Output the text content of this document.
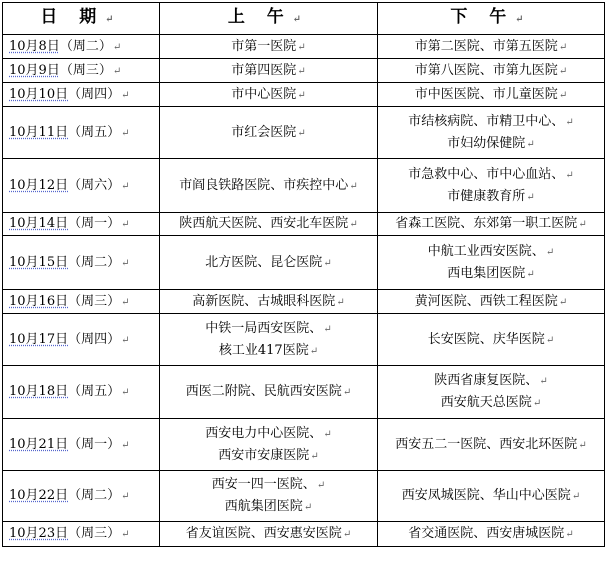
日 期↵	上 午↵	下 午↵
10月8日（周二）↵	市第一医院↵	市第二医院、市第五医院↵

10月9日（周三）↵	市第四医院↵	市第八医院、市第九医院↵

10月10日（周四）↵	市中心医院↵	市中医医院、市儿童医院↵

10月11日（周五）↵	市红会医院↵	市结核病院、市精卫中心、↵
市妇幼保健院↵

10月12日（周六）↵	市阎良铁路医院、市疾控中心↵	市急救中心、市中心血站、↵
市健康教育所↵

10月14日（周一）↵	陕西航天医院、西安北车医院↵	省森工医院、东郊第一职工医院↵

10月15日（周二）↵	北方医院、昆仑医院↵	中航工业西安医院、↵
西电集团医院↵

10月16日（周三）↵	高新医院、古城眼科医院↵	黄河医院、西铁工程医院↵

10月17日（周四）↵	中铁一局西安医院、↵
核工业417医院↵	长安医院、庆华医院↵

10月18日（周五）↵	西医二附院、民航西安医院↵	陕西省康复医院、↵
西安航天总医院↵

10月21日（周一）↵	西安电力中心医院、↵
西安市安康医院↵	西安五二一医院、西安北环医院↵

10月22日（周二）↵	西安一四一医院、↵
西航集团医院↵	西安凤城医院、华山中心医院↵

10月23日（周三）↵	省友谊医院、西安惠安医院↵	省交通医院、西安唐城医院↵
